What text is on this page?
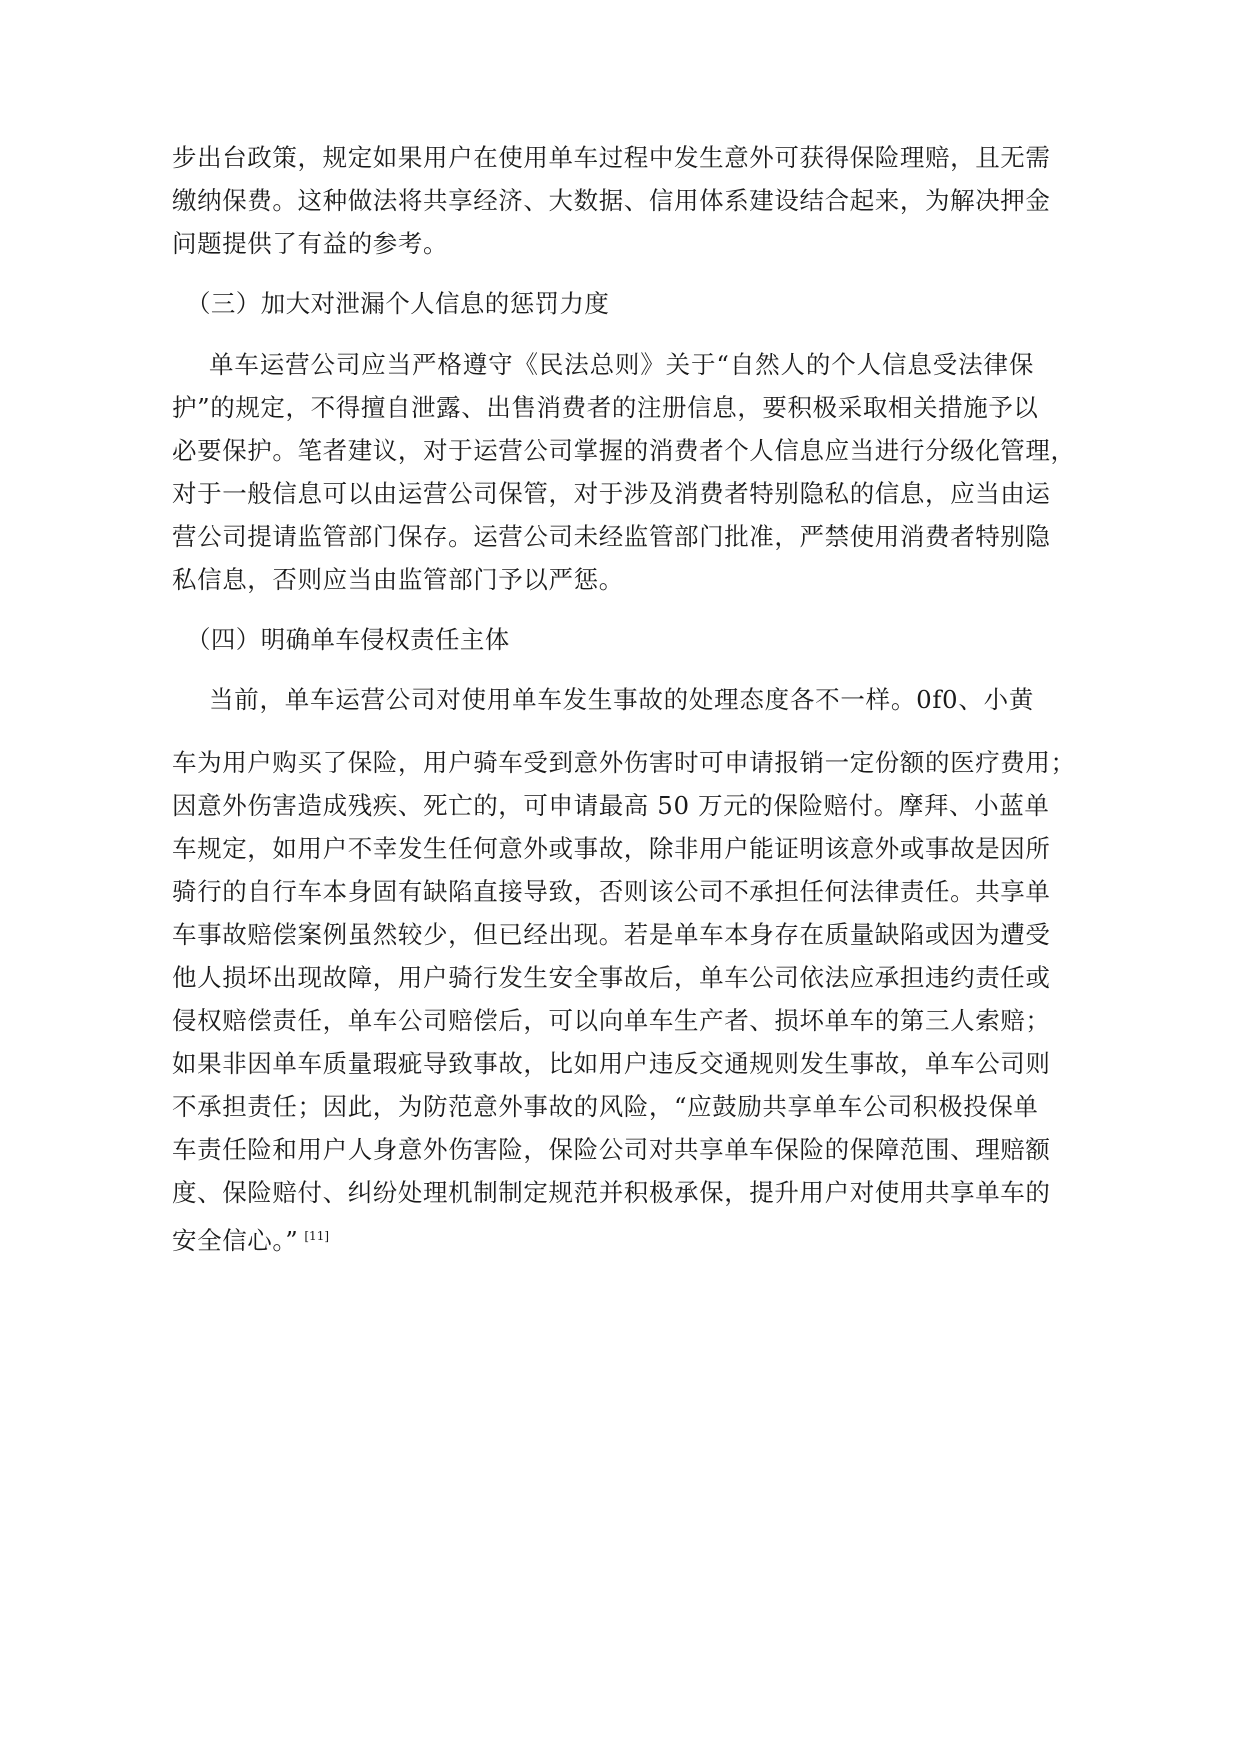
步出台政策，规定如果用户在使用单车过程中发生意外可获得保险理赔，且无需
缴纳保费。这种做法将共享经济、大数据、信用体系建设结合起来，为解决押金
问题提供了有益的参考。
（三）加大对泄漏个人信息的惩罚力度
单车运营公司应当严格遵守《民法总则》关于“自然人的个人信息受法律保
护”的规定，不得擅自泄露、出售消费者的注册信息，要积极采取相关措施予以
必要保护。笔者建议，对于运营公司掌握的消费者个人信息应当进行分级化管理，
对于一般信息可以由运营公司保管，对于涉及消费者特别隐私的信息，应当由运
营公司提请监管部门保存。运营公司未经监管部门批准，严禁使用消费者特别隐
私信息，否则应当由监管部门予以严惩。
（四）明确单车侵权责任主体
当前，单车运营公司对使用单车发生事故的处理态度各不一样。0f0、小黄
车为用户购买了保险，用户骑车受到意外伤害时可申请报销一定份额的医疗费用；
因意外伤害造成残疾、死亡的，可申请最高 50 万元的保险赔付。摩拜、小蓝单
车规定，如用户不幸发生任何意外或事故，除非用户能证明该意外或事故是因所
骑行的自行车本身固有缺陷直接导致，否则该公司不承担任何法律责任。共享单
车事故赔偿案例虽然较少，但已经出现。若是单车本身存在质量缺陷或因为遭受
他人损坏出现故障，用户骑行发生安全事故后，单车公司依法应承担违约责任或
侵权赔偿责任，单车公司赔偿后，可以向单车生产者、损坏单车的第三人索赔；
如果非因单车质量瑕疵导致事故，比如用户违反交通规则发生事故，单车公司则
不承担责任；因此，为防范意外事故的风险，“应鼓励共享单车公司积极投保单
车责任险和用户人身意外伤害险，保险公司对共享单车保险的保障范围、理赔额
度、保险赔付、纠纷处理机制制定规范并积极承保，提升用户对使用共享单车的
安全信心。” [11]
